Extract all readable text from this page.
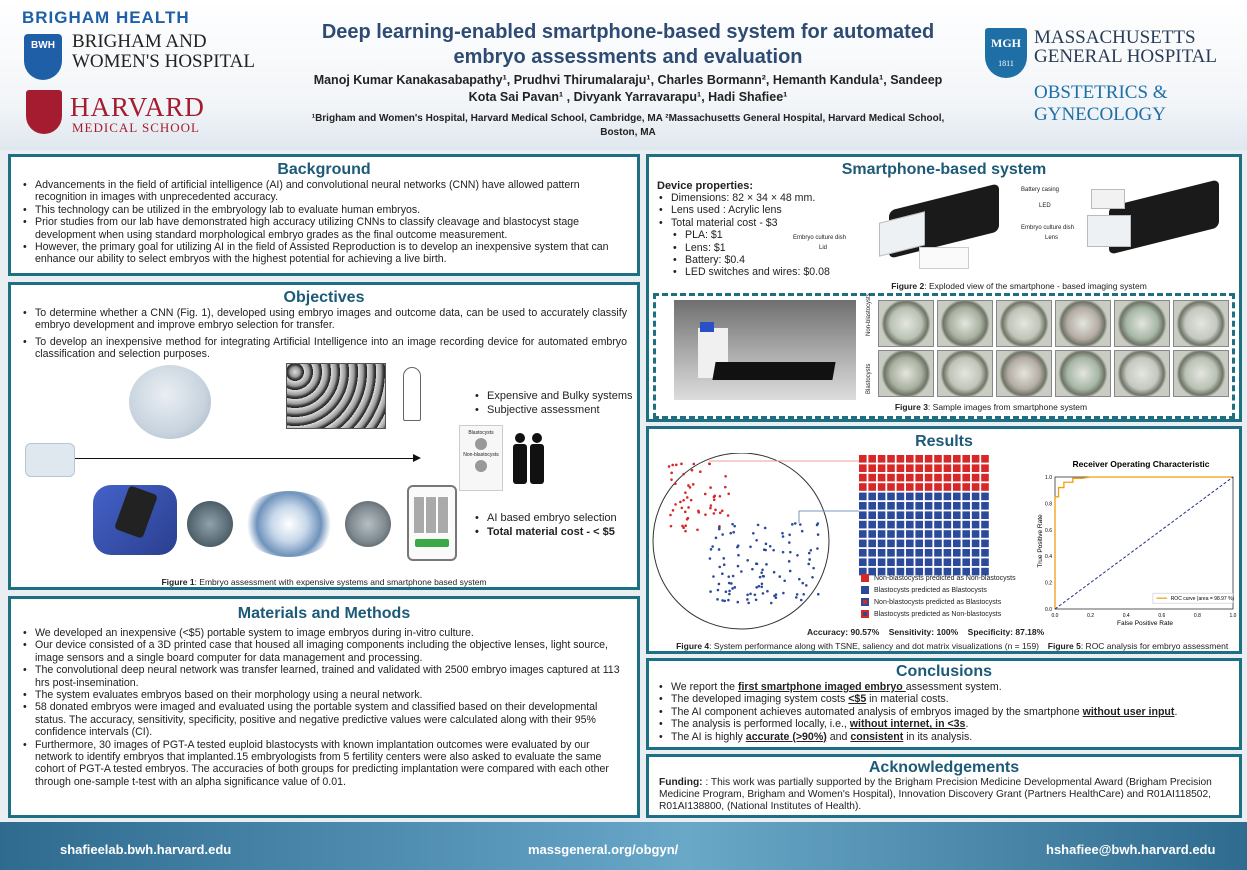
BRIGHAM HEALTH
BWH BRIGHAM AND
WOMEN'S HOSPITAL
HARVARD
MEDICAL SCHOOL
Deep learning-enabled smartphone-based system for automated
embryo assessments and evaluation
Manoj Kumar Kanakasabapathy¹, Prudhvi Thirumalaraju¹, Charles Bormann², Hemanth Kandula¹, Sandeep
Kota Sai Pavan¹ , Divyank Yarravarapu¹, Hadi Shafiee¹
¹Brigham and Women's Hospital, Harvard Medical School, Cambridge, MA ²Massachusetts General Hospital, Harvard Medical School,
Boston, MA
MGH
1811
MASSACHUSETTS
GENERAL HOSPITAL
OBSTETRICS &
GYNECOLOGY
Background
• Advancements in the field of artificial intelligence (AI) and convolutional neural networks (CNN) have allowed pattern recognition in images with unprecedented accuracy.
• This technology can be utilized in the embryology lab to evaluate human embryos.
• Prior studies from our lab have demonstrated high accuracy utilizing CNNs to classify cleavage and blastocyst stage development when using standard morphological embryo grades as the final outcome measurement.
• However, the primary goal for utilizing AI in the field of Assisted Reproduction is to develop an inexpensive system that can enhance our ability to select embryos with the highest potential for achieving a live birth.
Objectives
• To determine whether a CNN (Fig. 1), developed using embryo images and outcome data, can be used to accurately classify embryo development and improve embryo selection for transfer.
• To develop an inexpensive method for integrating Artificial Intelligence into an image recording device for automated embryo classification and selection purposes.
Blastocysts
Non-blastocysts
• Expensive and Bulky systems
• Subjective assessment
• AI based embryo selection
• Total material cost - < $5
Figure 1: Embryo assessment with expensive systems and smartphone based system
Materials and Methods
• We developed an inexpensive (<$5) portable system to image embryos during in-vitro culture.
• Our device consisted of a 3D printed case that housed all imaging components including the objective lenses, light source, image sensors and a single board computer for data management and processing.
• The convolutional deep neural network was transfer learned, trained and validated with 2500 embryo images captured at 113 hrs post-insemination.
• The system evaluates embryos based on their morphology using a neural network.
• 58 donated embryos were imaged and evaluated using the portable system and classified based on their developmental status. The accuracy, sensitivity, specificity, positive and negative predictive values were calculated along with their 95% confidence intervals (CI).
• Furthermore, 30 images of PGT-A tested euploid blastocysts with known implantation outcomes were evaluated by our network to identify embryos that implanted.15 embryologists from 5 fertility centers were also asked to evaluate the same cohort of PGT-A tested embryos. The accuracies of both groups for predicting implantation were compared with each other through one-sample t-test with an alpha significance value of 0.01.
Smartphone-based system
Device properties:
• Dimensions: 82 × 34 × 48 mm.
• Lens used : Acrylic lens
• Total material cost - $3
• PLA: $1
• Lens: $1
• Battery: $0.4
• LED switches and wires: $0.08
Embryo culture dish
Lid
Battery casing
LED
Embryo culture dish
Lens
Figure 2: Exploded view of the smartphone - based imaging system
Non-blastocysts
Blastocysts
Figure 3: Sample images from smartphone system
Results
Non-blastocysts predicted as Non-blastocysts
Blastocysts predicted as Blastocysts
Non-blastocysts predicted as Blastocysts
Blastocysts predicted as Non-blastocysts
Accuracy: 90.57% Sensitivity: 100% Specificity: 87.18%
Figure 4: System performance along with TSNE, saliency and dot matrix visualizations (n = 159)	Figure 5: ROC analysis for embryo assessment
Receiver Operating Characteristic
False Positive Rate
True Positive Rate
0.0	0.2	0.4	0.6	0.8	1.0
0.0
0.2
0.4
0.6
0.8
1.0
ROC curve (area = 98.97 %)
Conclusions
• We report the first smartphone imaged embryo assessment system.
• The developed imaging system costs <$5 in material costs.
• The AI component achieves automated analysis of embryos imaged by the smartphone without user input.
• The analysis is performed locally, i.e., without internet, in <3s.
• The AI is highly accurate (>90%) and consistent in its analysis.
Acknowledgements
Funding: : This work was partially supported by the Brigham Precision Medicine Developmental Award (Brigham Precision Medicine Program, Brigham and Women's Hospital), Innovation Discovery Grant (Partners HealthCare) and R01AI118502, R01AI138800, (National Institutes of Health).
shafieelab.bwh.harvard.edu	massgeneral.org/obgyn/	hshafiee@bwh.harvard.edu
